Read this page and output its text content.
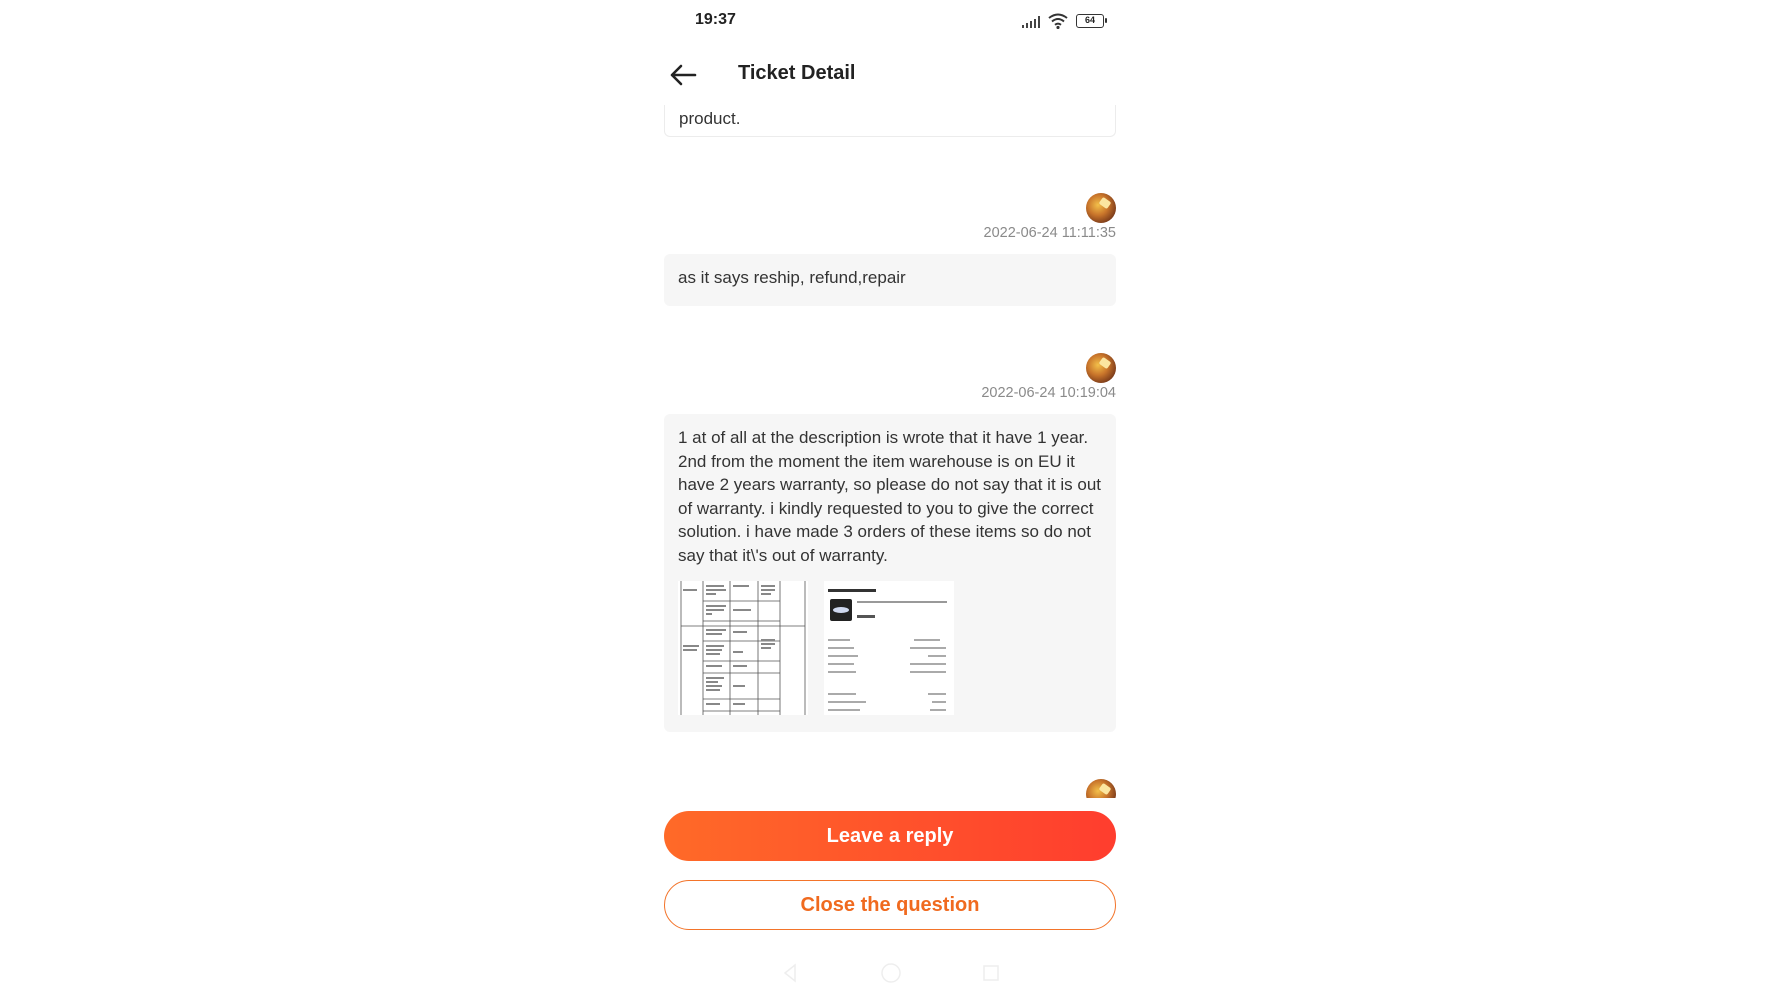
19:37	64
Ticket Detail
product.
2022-06-24 11:11:35
as it says reship, refund,repair
2022-06-24 10:19:04
1 at of all at the description is wrote that it have 1 year. 2nd from the moment the item warehouse is on EU it have 2 years warranty, so please do not say that it is out of warranty. i kindly requested to you to give the correct solution. i have made 3 orders of these items so do not say that it\'s out of warranty.
Leave a reply
Close the question
